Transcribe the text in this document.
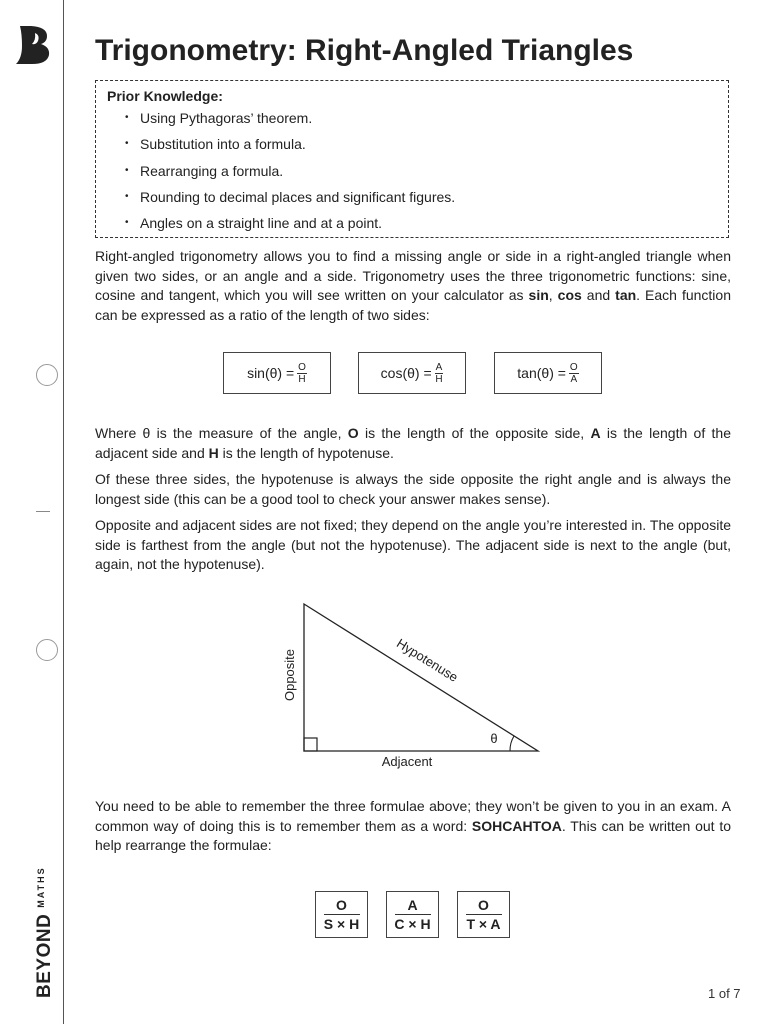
$BEYOND^{MATHS}$
Trigonometry: Right-Angled Triangles
Prior Knowledge:
• Using Pythagoras’ theorem.
• Substitution into a formula.
• Rearranging a formula.
• Rounding to decimal places and significant figures.
• Angles on a straight line and at a point.

Right-angled trigonometry allows you to find a missing angle or side in a right-angled triangle when given two sides, or an angle and a side. Trigonometry uses the three trigonometric functions: sine, cosine and tangent, which you will see written on your calculator as sin, cos and tan. Each function can be expressed as a ratio of the length of two sides:

$\sin(\theta) = \frac{O}{H}$	$\cos(\theta) = \frac{A}{H}$	$\tan(\theta) = \frac{O}{A}$

Where θ is the measure of the angle, O is the length of the opposite side, A is the length of the adjacent side and H is the length of hypotenuse.

Of these three sides, the hypotenuse is always the side opposite the right angle and is always the longest side (this can be a good tool to check your answer makes sense).

Opposite and adjacent sides are not fixed; they depend on the angle you’re interested in. The opposite side is farthest from the angle (but not the hypotenuse). The adjacent side is next to the angle (but, again, not the hypotenuse).

Opposite	Hypotenuse
Adjacent
θ

You need to be able to remember the three formulae above; they won’t be given to you in an exam. A common way of doing this is to remember them as a word: SOHCAHTOA. This can be written out to help rearrange the formulae:

O
S × H
A
C × H
O
T × A
1 of 7
